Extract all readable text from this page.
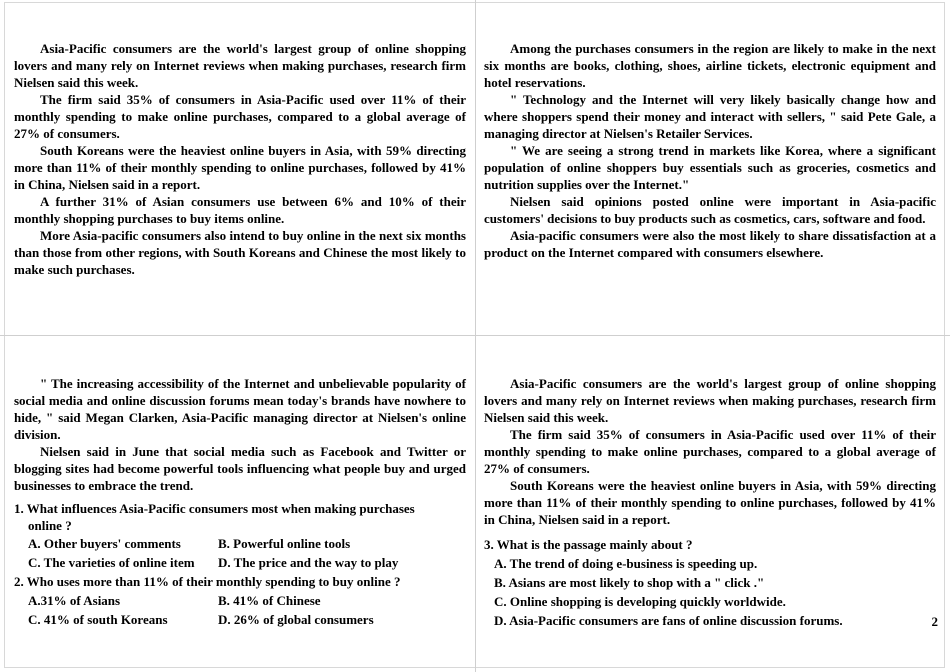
Asia-Pacific consumers are the world's largest group of online shopping lovers and many rely on Internet reviews when making purchases, research firm Nielsen said this week.

The firm said 35% of consumers in Asia-Pacific used over 11% of their monthly spending to make online purchases, compared to a global average of 27% of consumers.

South Koreans were the heaviest online buyers in Asia, with 59% directing more than 11% of their monthly spending to online purchases, followed by 41% in China, Nielsen said in a report.

A further 31% of Asian consumers use between 6% and 10% of their monthly shopping purchases to buy items online.

More Asia-pacific consumers also intend to buy online in the next six months than those from other regions, with South Koreans and Chinese the most likely to make such purchases.

Among the purchases consumers in the region are likely to make in the next six months are books, clothing, shoes, airline tickets, electronic equipment and hotel reservations.

" Technology and the Internet will very likely basically change how and where shoppers spend their money and interact with sellers, " said Pete Gale, a managing director at Nielsen's Retailer Services.

" We are seeing a strong trend in markets like Korea, where a significant population of online shoppers buy essentials such as groceries, cosmetics and nutrition supplies over the Internet."

Nielsen said opinions posted online were important in Asia-pacific customers' decisions to buy products such as cosmetics, cars, software and food.

Asia-pacific consumers were also the most likely to share dissatisfaction at a product on the Internet compared with consumers elsewhere.

" The increasing accessibility of the Internet and unbelievable popularity of social media and online discussion forums mean today's brands have nowhere to hide, " said Megan Clarken, Asia-Pacific managing director at Nielsen's online division.

Nielsen said in June that social media such as Facebook and Twitter or blogging sites had become powerful tools influencing what people buy and urged businesses to embrace the trend.

1. What influences Asia-Pacific consumers most when making purchases
online ?

A. Other buyers' comments	B. Powerful online tools
C. The varieties of online item	D. The price and the way to play

2. Who uses more than 11% of their monthly spending to buy online ?

A.31% of Asians	B. 41% of Chinese
C. 41% of south Koreans	D. 26% of global consumers

Asia-Pacific consumers are the world's largest group of online shopping lovers and many rely on Internet reviews when making purchases, research firm Nielsen said this week.

The firm said 35% of consumers in Asia-Pacific used over 11% of their monthly spending to make online purchases, compared to a global average of 27% of consumers.

South Koreans were the heaviest online buyers in Asia, with 59% directing more than 11% of their monthly spending to online purchases, followed by 41% in China, Nielsen said in a report.

3. What is the passage mainly about ?

A. The trend of doing e-business is speeding up.
B. Asians are most likely to shop with a " click ."
C. Online shopping is developing quickly worldwide.
D. Asia-Pacific consumers are fans of online discussion forums.	2
